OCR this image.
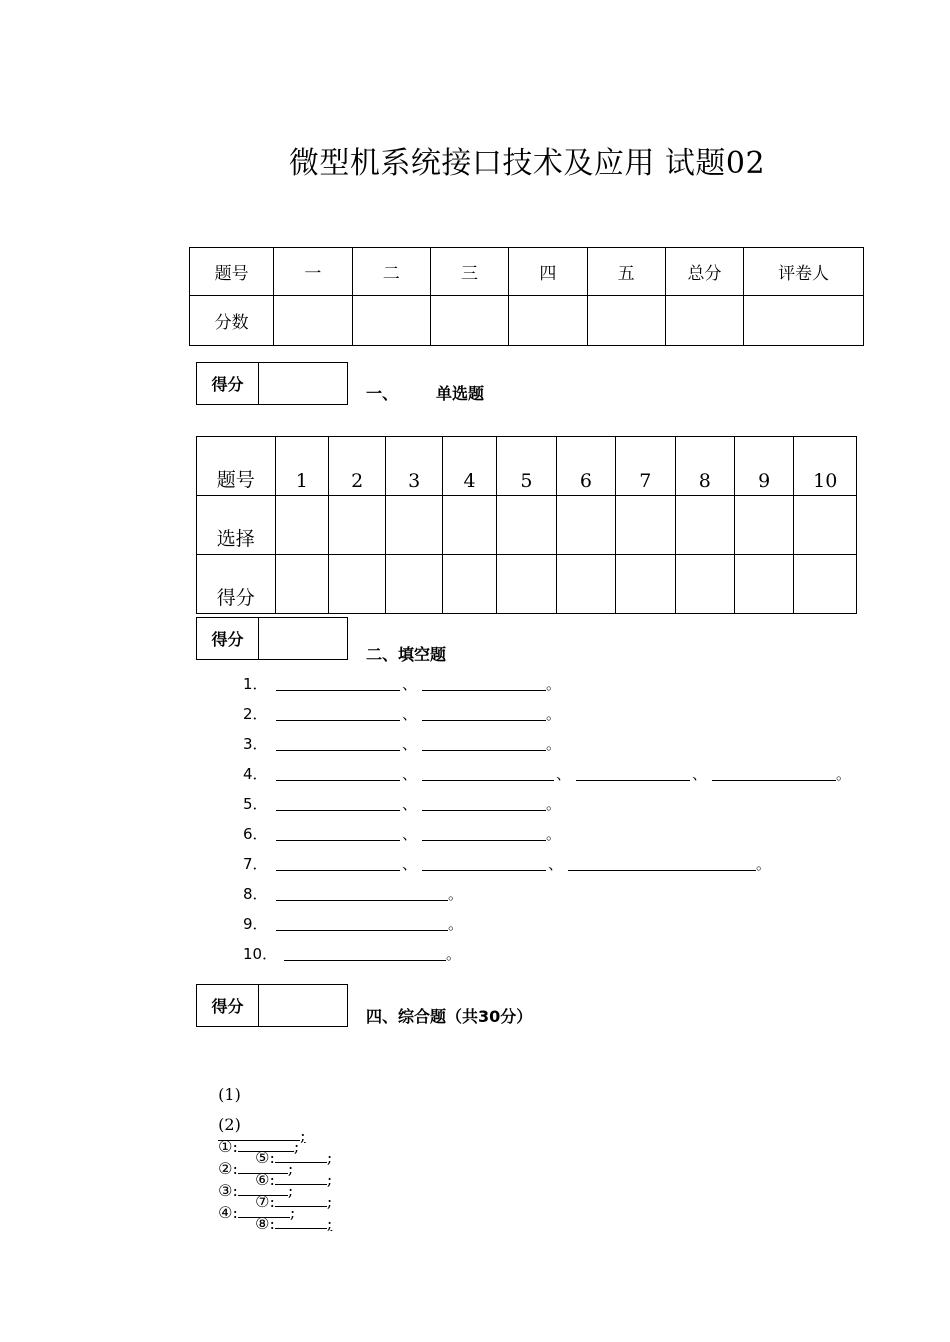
微型机系统接口技术及应用 试题02
题号	一	二	三	四	五	总分	评卷人
分数							
得分	一、 单选题
题号	1	2	3	4	5	6	7	8	9	10
选择										
得分										
得分
二、填空题
1．	、	。
2．	、	。
3．	、	。
4．	、	、	、	。
5．	、	。
6．	、	。
7．	、	、	。
8．	。
9．	。
10．	。
得分
四、综合题（共30分）

(1)

;

(2)
①:	;
②:	;
③:	;
④:	;

⑤:	;
⑥:	;
⑦:	;
⑧:	;
